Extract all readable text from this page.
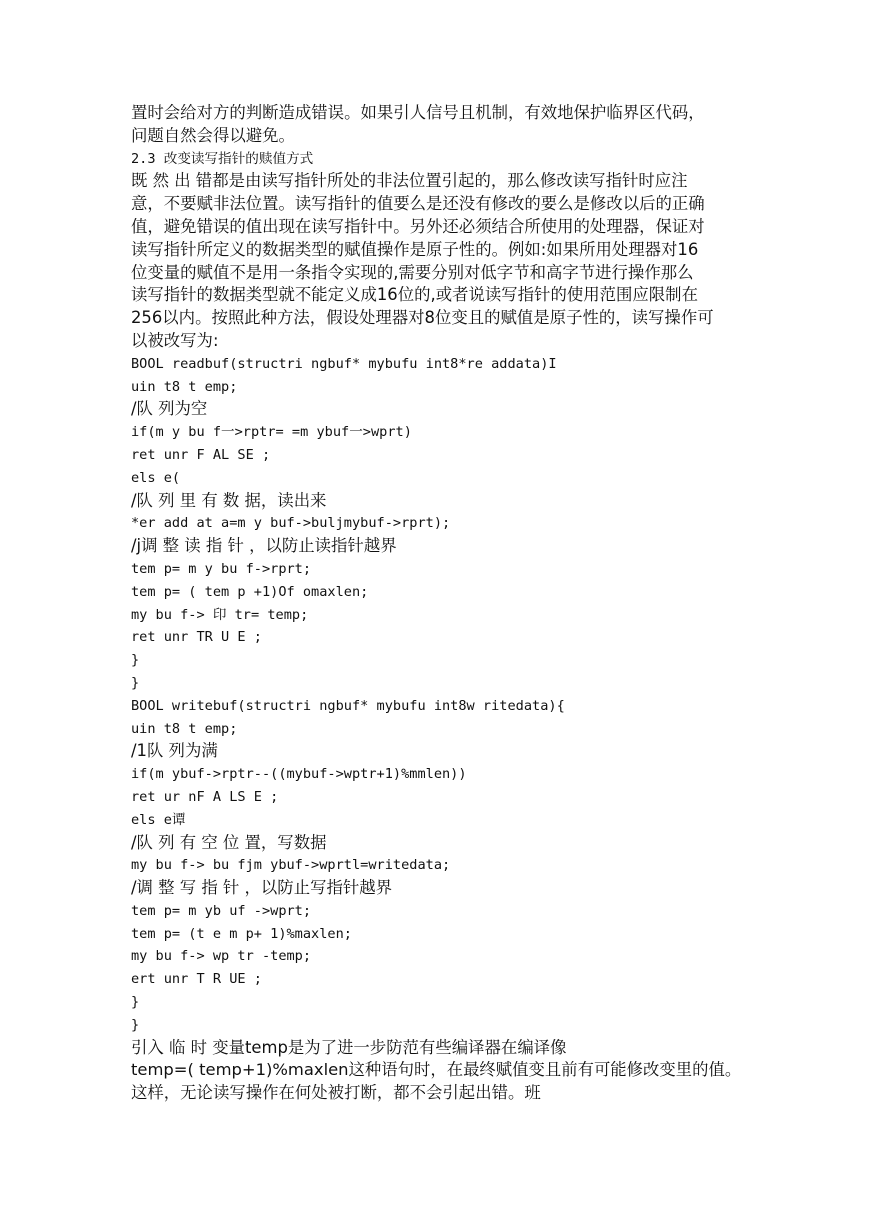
置时会给对方的判断造成错误。如果引人信号且机制，有效地保护临界区代码，
问题自然会得以避免。
2.3 改变读写指针的赎值方式
既 然 出 错都是由读写指针所处的非法位置引起的，那么修改读写指针时应注
意，不要赋非法位置。读写指针的值要么是还没有修改的要么是修改以后的正确
值，避免错误的值出现在读写指针中。另外还必须结合所使用的处理器，保证对
读写指针所定义的数据类型的赋值操作是原子性的。例如:如果所用处理器对16
位变量的赋值不是用一条指令实现的,需要分别对低字节和高字节进行操作那么
读写指针的数据类型就不能定义成16位的,或者说读写指针的使用范围应限制在
256以内。按照此种方法，假设处理器对8位变且的赋值是原子性的，读写操作可
以被改写为:
BOOL readbuf(structri ngbuf* mybufu int8*re addata)I
uin t8 t emp;
/队 列为空
if(m y bu f一>rptr= =m ybuf一>wprt)
ret unr F AL SE ;
els e(
/队 列 里 有 数 据，读出来
*er add at a=m y buf->buljmybuf->rprt);
/j调 整 读 指 针 ，以防止读指针越界
tem p= m y bu f->rprt;
tem p= ( tem p +1)Of omaxlen;
my bu f-> 印 tr= temp;
ret unr TR U E ;
}
}
BOOL writebuf(structri ngbuf* mybufu int8w ritedata){
uin t8 t emp;
/1队 列为满
if(m ybuf->rptr--((mybuf->wptr+1)%mmlen))
ret ur nF A LS E ;
els e谭
/队 列 有 空 位 置，写数据
my bu f-> bu fjm ybuf->wprtl=writedata;
/调 整 写 指 针 ，以防止写指针越界
tem p= m yb uf ->wprt;
tem p= (t e m p+ 1)%maxlen;
my bu f-> wp tr -temp;
ert unr T R UE ;
}
}
引入 临 时 变量temp是为了进一步防范有些编译器在编译像
temp=( temp+1)%maxlen这种语句时，在最终赋值变且前有可能修改变里的值。
这样，无论读写操作在何处被打断，都不会引起出错。班
